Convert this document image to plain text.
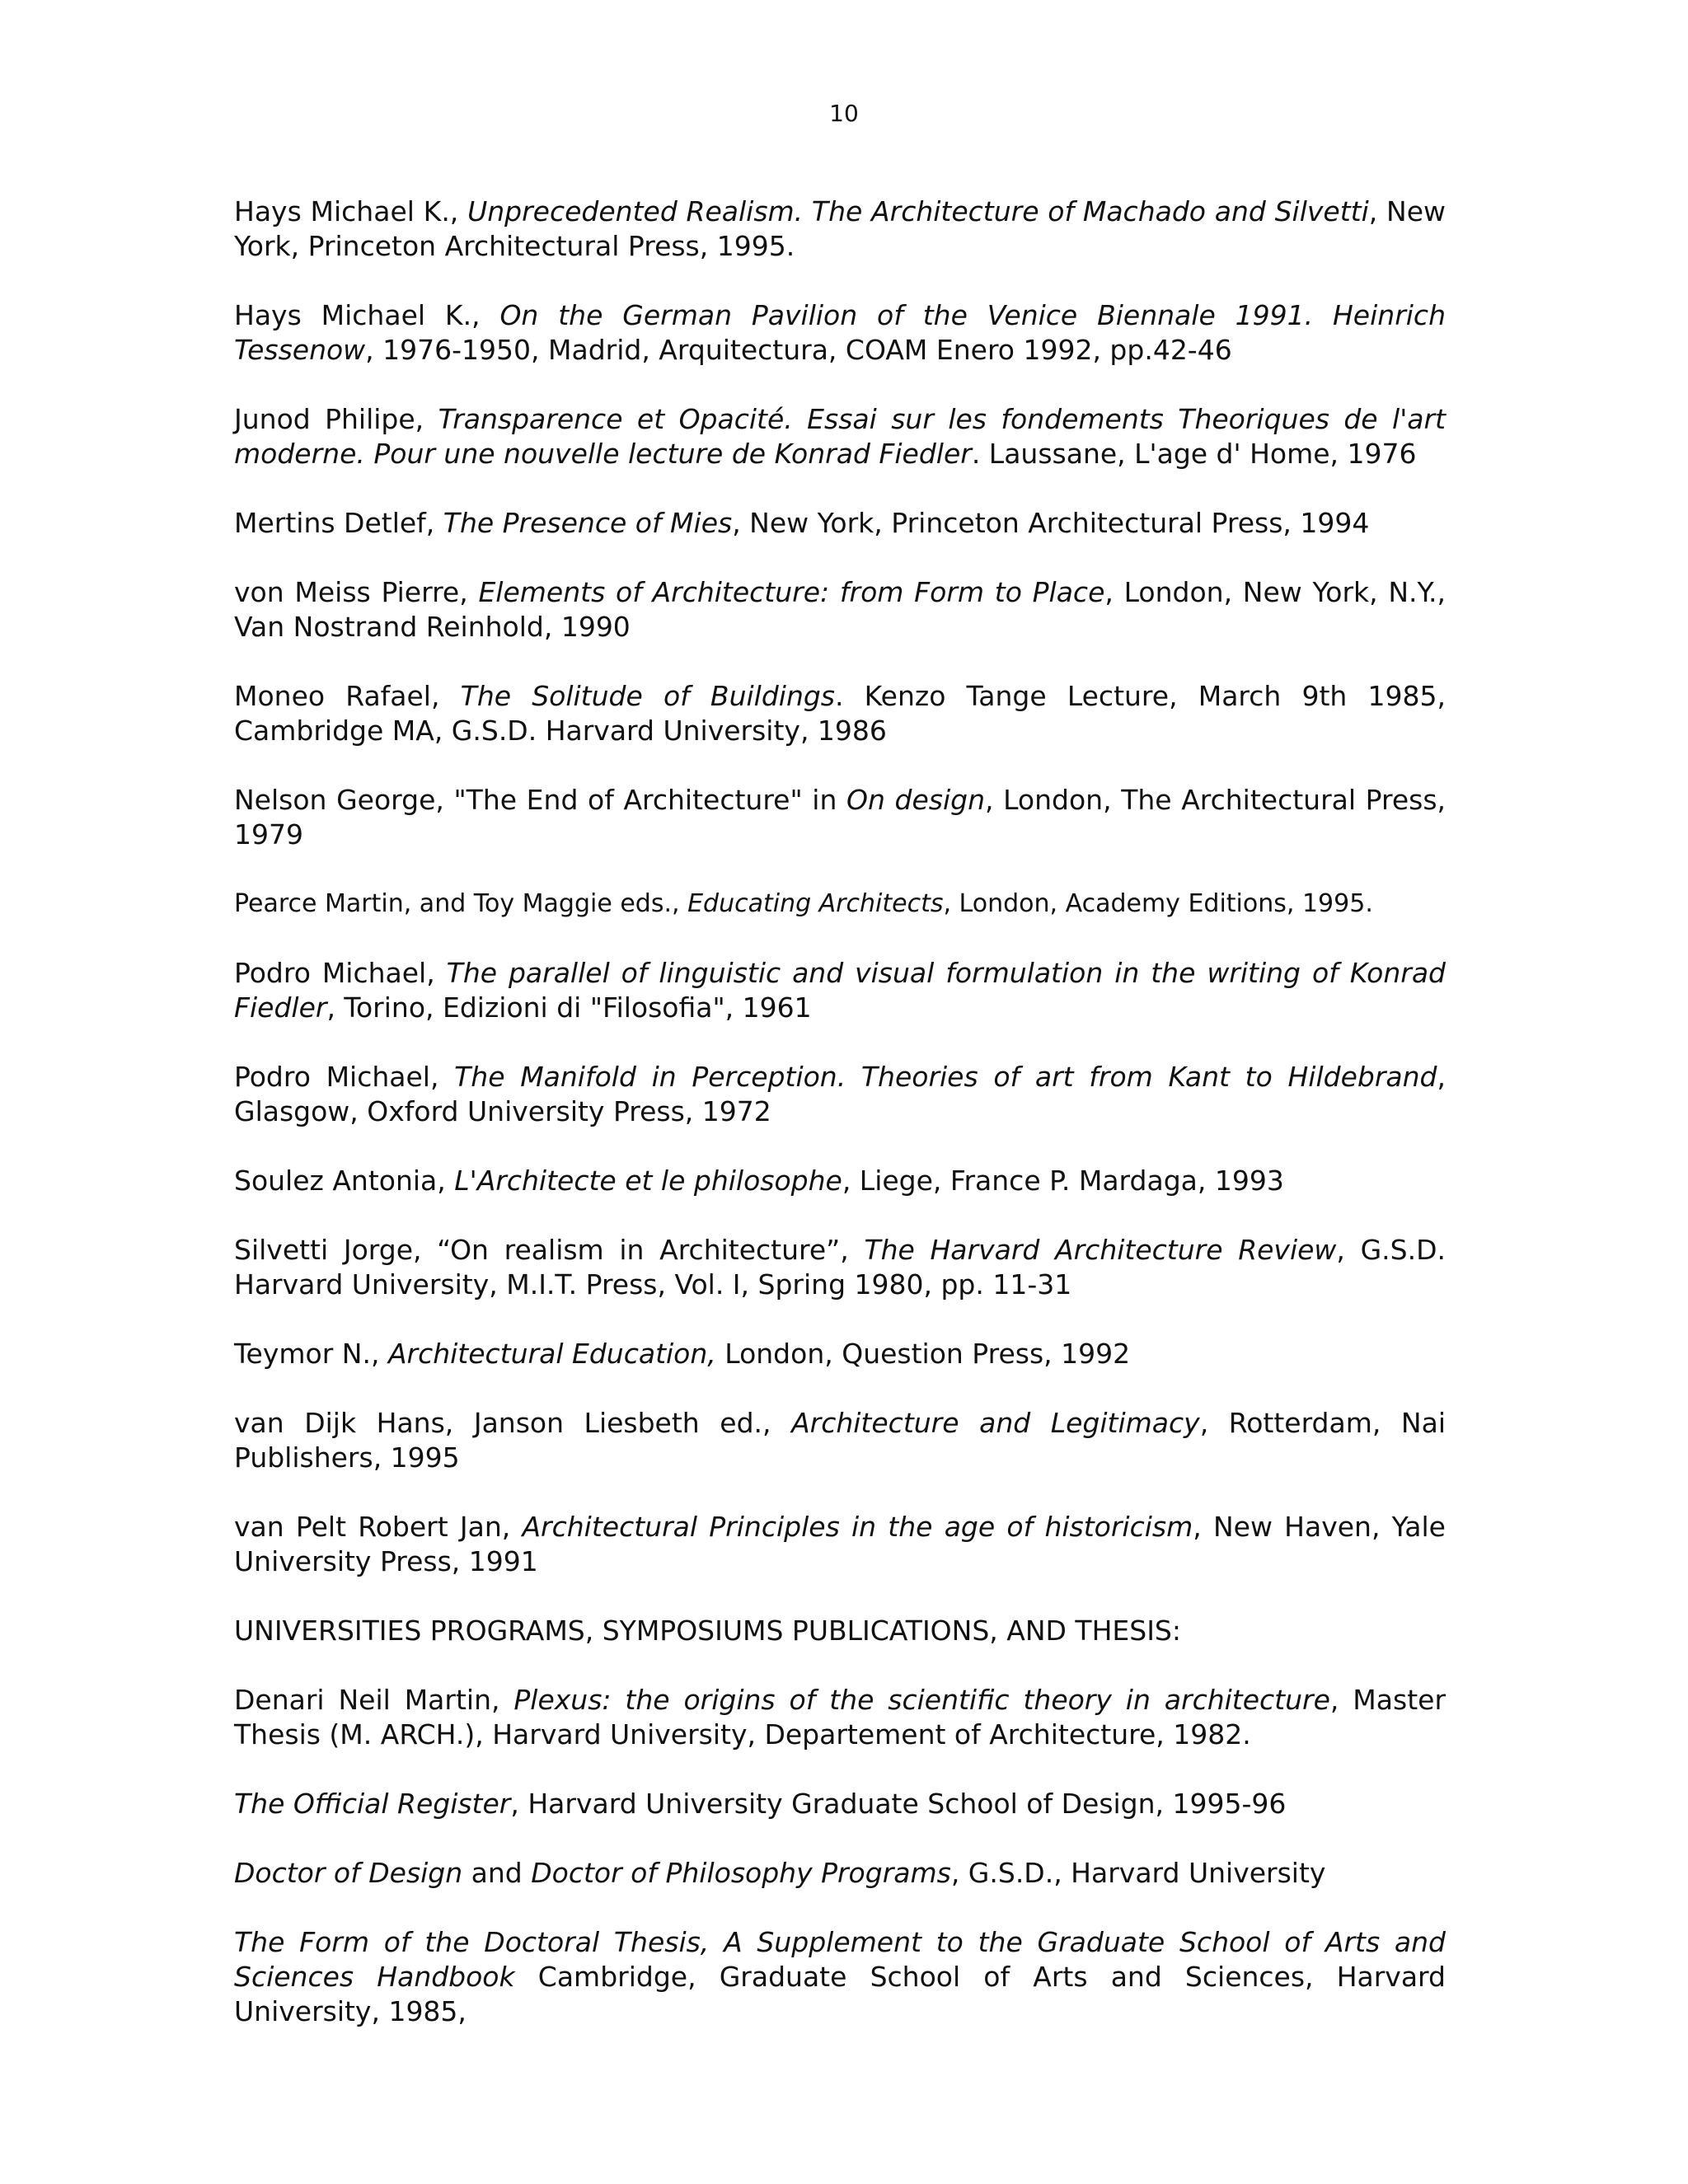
10

Hays Michael K., Unprecedented Realism. The Architecture of Machado and Silvetti, New York, Princeton Architectural Press, 1995.

Hays Michael K., On the German Pavilion of the Venice Biennale 1991. Heinrich Tessenow, 1976-1950, Madrid, Arquitectura, COAM Enero 1992, pp.42-46

Junod Philipe, Transparence et Opacité. Essai sur les fondements Theoriques de l'art moderne. Pour une nouvelle lecture de Konrad Fiedler. Laussane, L'age d' Home, 1976

Mertins Detlef, The Presence of Mies, New York, Princeton Architectural Press, 1994

von Meiss Pierre, Elements of Architecture: from Form to Place, London, New York, N.Y., Van Nostrand Reinhold, 1990

Moneo Rafael, The Solitude of Buildings. Kenzo Tange Lecture, March 9th 1985, Cambridge MA, G.S.D. Harvard University, 1986

Nelson George, "The End of Architecture" in On design, London, The Architectural Press, 1979

Pearce Martin, and Toy Maggie eds., Educating Architects, London, Academy Editions, 1995.

Podro Michael, The parallel of linguistic and visual formulation in the writing of Konrad Fiedler, Torino, Edizioni di "Filosofia", 1961

Podro Michael, The Manifold in Perception. Theories of art from Kant to Hildebrand, Glasgow, Oxford University Press, 1972

Soulez Antonia, L'Architecte et le philosophe, Liege, France P. Mardaga, 1993

Silvetti Jorge, “On realism in Architecture”, The Harvard Architecture Review, G.S.D. Harvard University, M.I.T. Press, Vol. I, Spring 1980, pp. 11-31

Teymor N., Architectural Education, London, Question Press, 1992

van Dijk Hans, Janson Liesbeth ed., Architecture and Legitimacy, Rotterdam, Nai Publishers, 1995

van Pelt Robert Jan, Architectural Principles in the age of historicism, New Haven, Yale University Press, 1991

UNIVERSITIES PROGRAMS, SYMPOSIUMS PUBLICATIONS, AND THESIS:

Denari Neil Martin, Plexus: the origins of the scientific theory in architecture, Master Thesis (M. ARCH.), Harvard University, Departement of Architecture, 1982.

The Official Register, Harvard University Graduate School of Design, 1995-96

Doctor of Design and Doctor of Philosophy Programs, G.S.D., Harvard University

The Form of the Doctoral Thesis, A Supplement to the Graduate School of Arts and Sciences Handbook Cambridge, Graduate School of Arts and Sciences, Harvard University, 1985,
